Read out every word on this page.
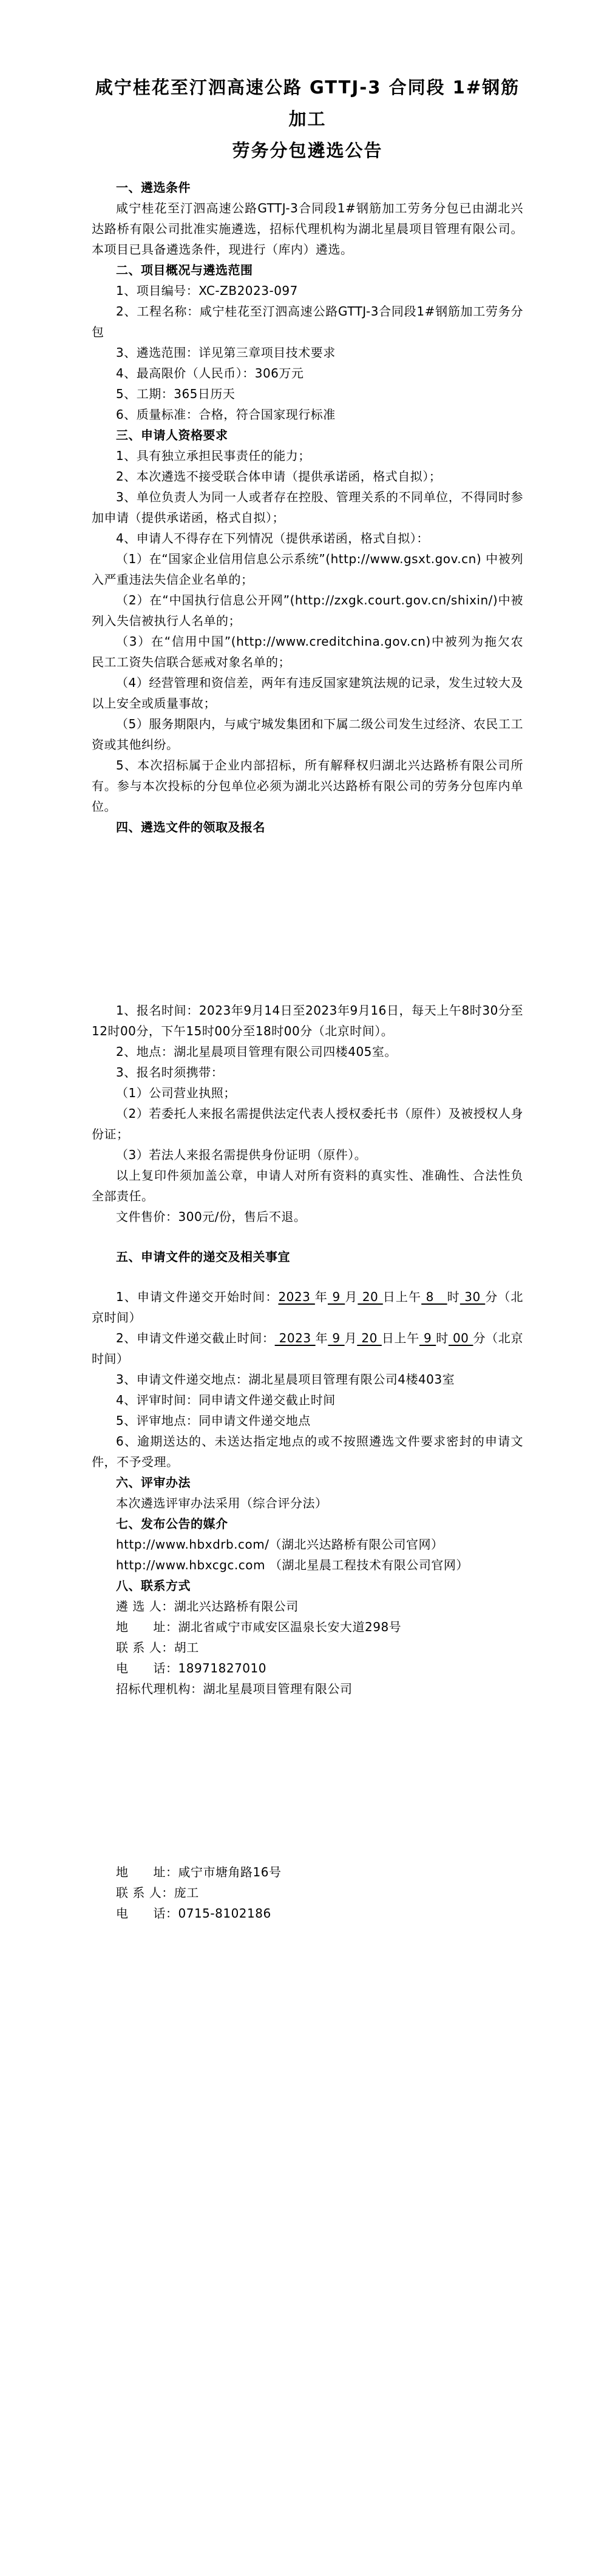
咸宁桂花至汀泗高速公路 GTTJ-3 合同段 1#钢筋加工
劳务分包遴选公告

一、遴选条件

咸宁桂花至汀泗高速公路GTTJ-3合同段1#钢筋加工劳务分包已由湖北兴达路桥有限公司批准实施遴选，招标代理机构为湖北星晨项目管理有限公司。本项目已具备遴选条件，现进行（库内）遴选。

二、项目概况与遴选范围

1、项目编号：XC-ZB2023-097

2、工程名称：咸宁桂花至汀泗高速公路GTTJ-3合同段1#钢筋加工劳务分包

3、遴选范围：详见第三章项目技术要求

4、最高限价（人民币）：306万元

5、工期：365日历天

6、质量标准：合格，符合国家现行标准

三、申请人资格要求

1、具有独立承担民事责任的能力；

2、本次遴选不接受联合体申请（提供承诺函，格式自拟）；

3、单位负责人为同一人或者存在控股、管理关系的不同单位，不得同时参加申请（提供承诺函，格式自拟）；

4、申请人不得存在下列情况（提供承诺函，格式自拟）：

（1）在“国家企业信用信息公示系统”(http://www.gsxt.gov.cn) 中被列入严重违法失信企业名单的；

（2）在“中国执行信息公开网”(http://zxgk.court.gov.cn/shixin/)中被列入失信被执行人名单的；

（3）在“信用中国”(http://www.creditchina.gov.cn)中被列为拖欠农民工工资失信联合惩戒对象名单的；

（4）经营管理和资信差，两年有违反国家建筑法规的记录，发生过较大及以上安全或质量事故；

（5）服务期限内，与咸宁城发集团和下属二级公司发生过经济、农民工工资或其他纠纷。

5、本次招标属于企业内部招标，所有解释权归湖北兴达路桥有限公司所有。参与本次投标的分包单位必须为湖北兴达路桥有限公司的劳务分包库内单位。

四、遴选文件的领取及报名

1、报名时间：2023年9月14日至2023年9月16日，每天上午8时30分至12时00分，下午15时00分至18时00分（北京时间）。

2、地点：湖北星晨项目管理有限公司四楼405室。

3、报名时须携带：

（1）公司营业执照；

（2）若委托人来报名需提供法定代表人授权委托书（原件）及被授权人身份证；

（3）若法人来报名需提供身份证明（原件）。

以上复印件须加盖公章，申请人对所有资料的真实性、准确性、合法性负全部责任。

文件售价：300元/份，售后不退。

五、申请文件的递交及相关事宜

1、申请文件递交开始时间：2023 年 9 月 20 日上午 8　时 30 分（北京时间）

2、申请文件递交截止时间： 2023 年 9 月 20 日上午 9 时 00 分（北京时间）

3、申请文件递交地点：湖北星晨项目管理有限公司4楼403室

4、评审时间：同申请文件递交截止时间

5、评审地点：同申请文件递交地点

6、逾期送达的、未送达指定地点的或不按照遴选文件要求密封的申请文件，不予受理。

六、评审办法

本次遴选评审办法采用（综合评分法）

七、发布公告的媒介

http://www.hbxdrb.com/（湖北兴达路桥有限公司官网）

http://www.hbxcgc.com （湖北星晨工程技术有限公司官网）

八、联系方式

遴 选 人：湖北兴达路桥有限公司

地　　址：湖北省咸宁市咸安区温泉长安大道298号

联 系 人：胡工

电　　话：18971827010

招标代理机构：湖北星晨项目管理有限公司

地　　址：咸宁市塘角路16号

联 系 人：庞工

电　　话：0715-8102186
